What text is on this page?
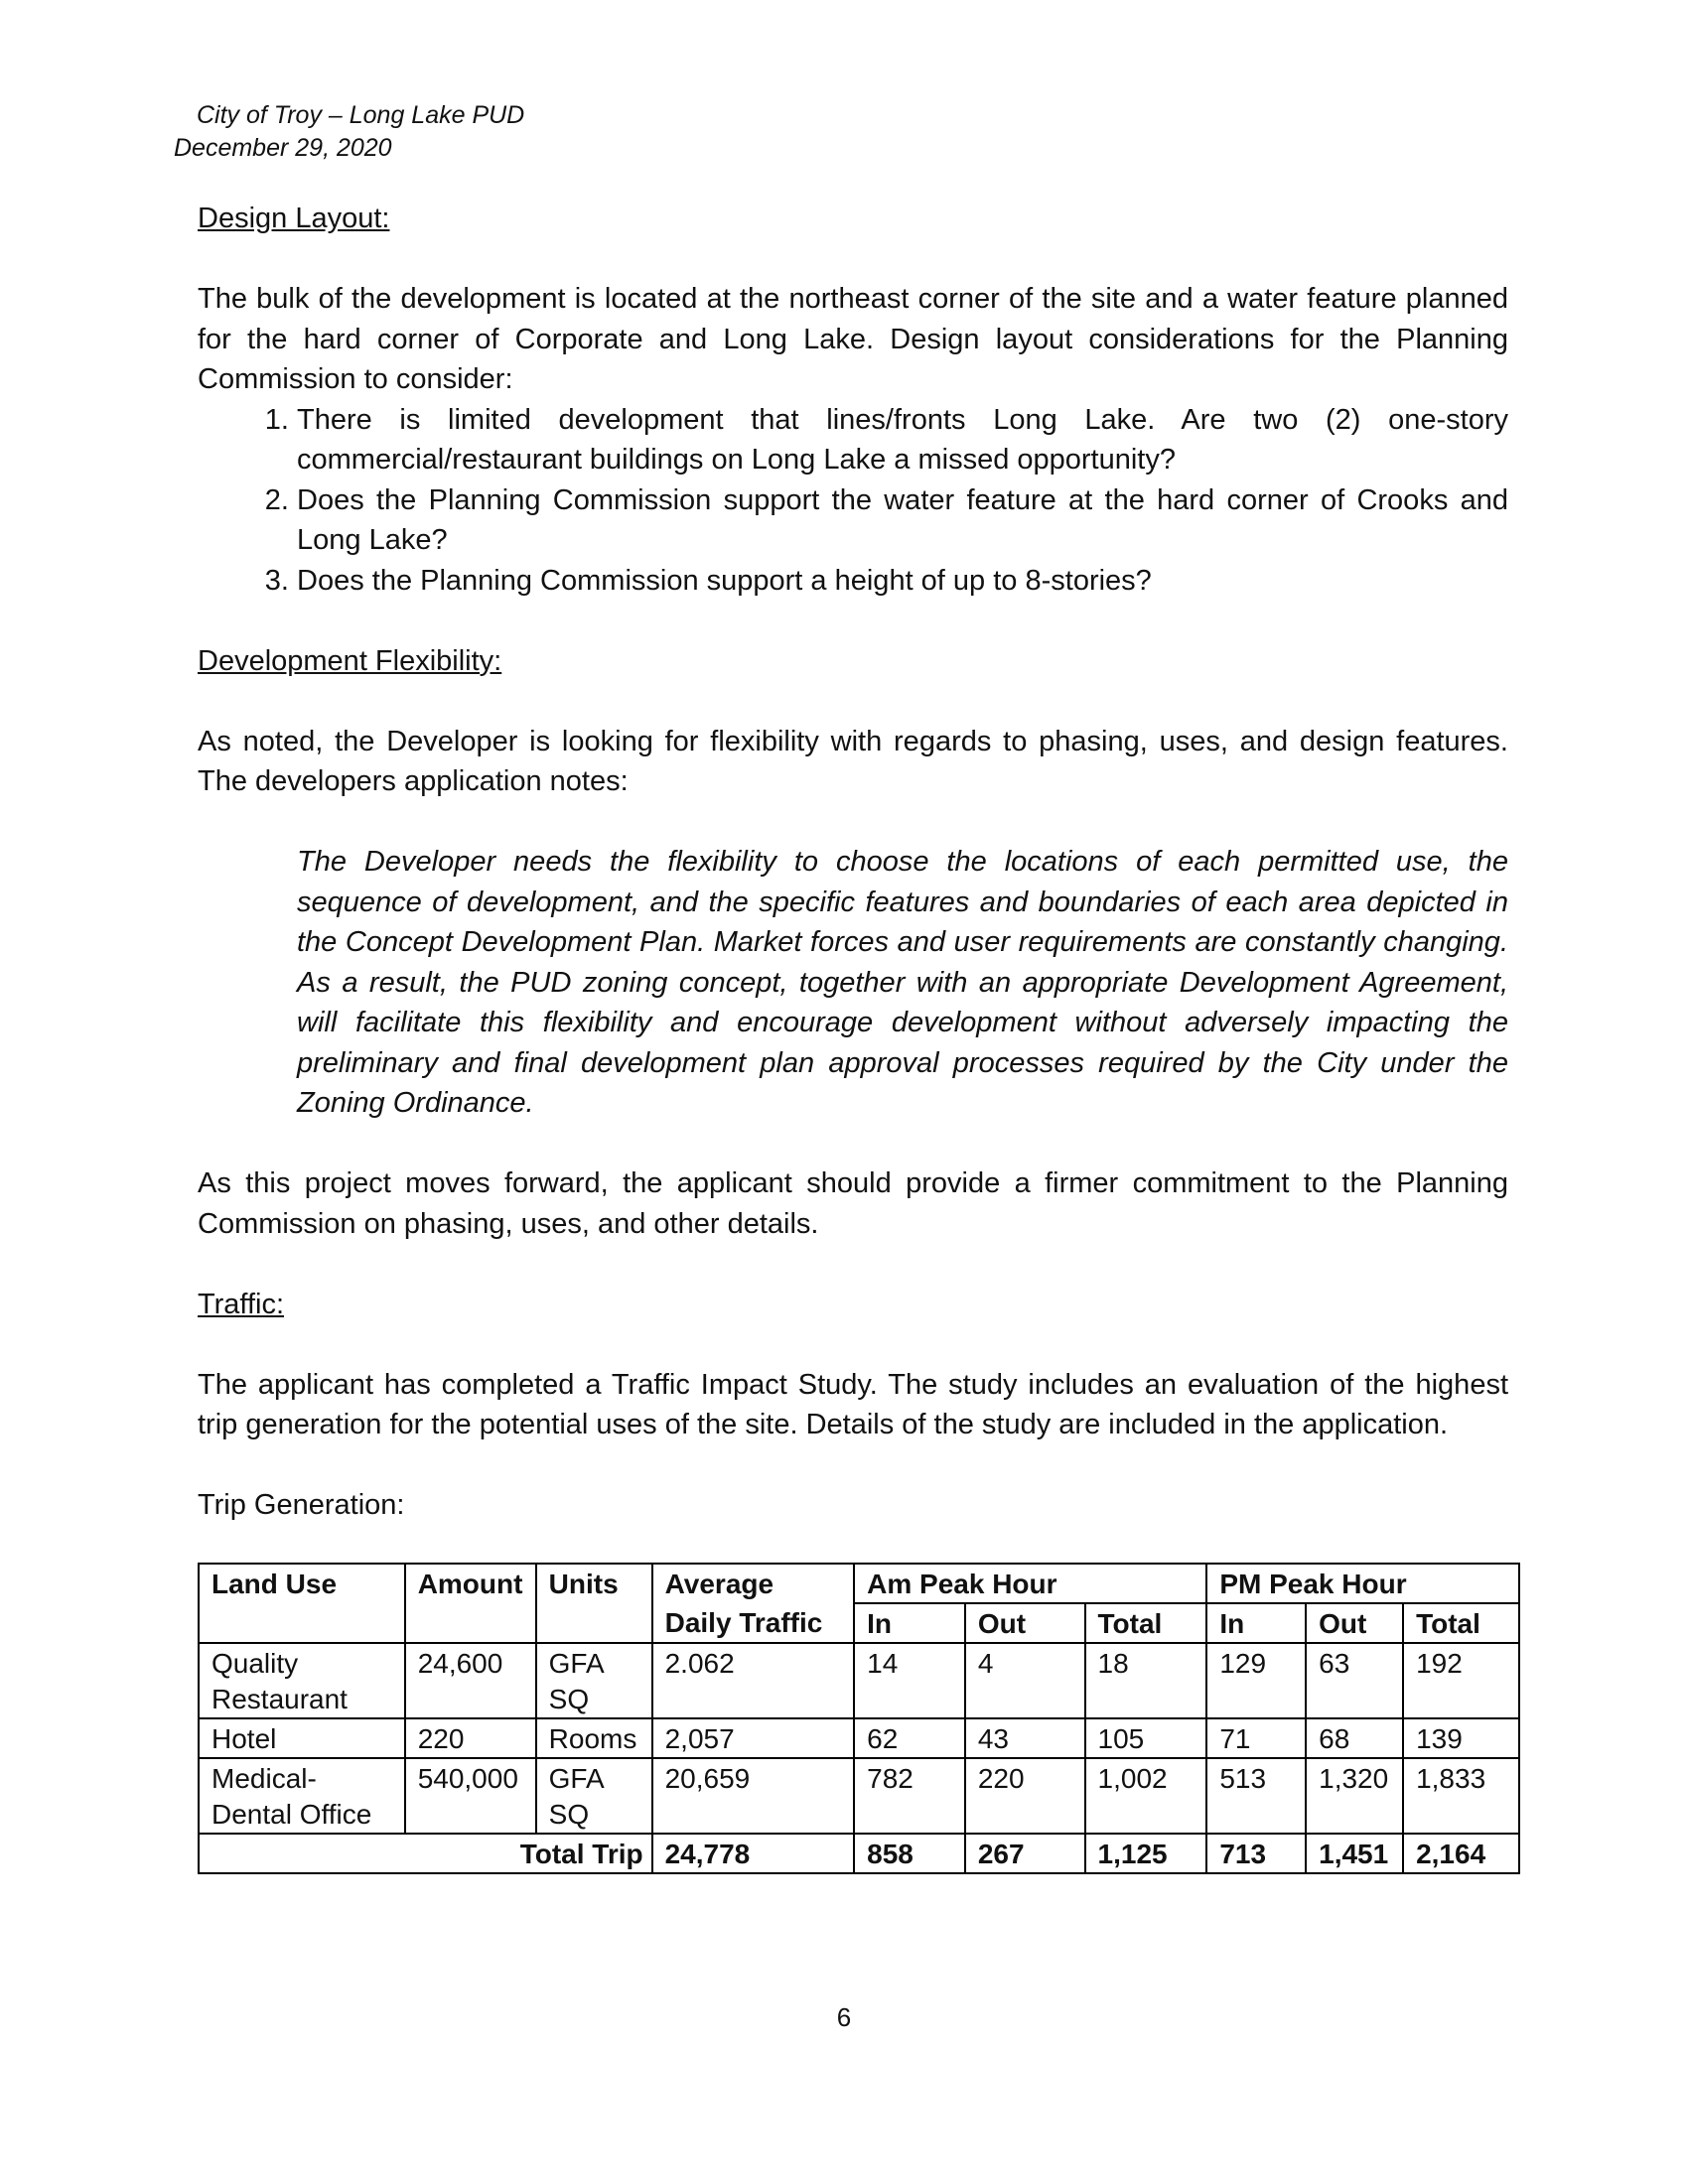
City of Troy – Long Lake PUD
December 29, 2020

Design Layout:

The bulk of the development is located at the northeast corner of the site and a water feature planned for the hard corner of Corporate and Long Lake. Design layout considerations for the Planning Commission to consider:

1. There is limited development that lines/fronts Long Lake. Are two (2) one-story commercial/restaurant buildings on Long Lake a missed opportunity?
2. Does the Planning Commission support the water feature at the hard corner of Crooks and Long Lake?
3. Does the Planning Commission support a height of up to 8-stories?

Development Flexibility:

As noted, the Developer is looking for flexibility with regards to phasing, uses, and design features. The developers application notes:

The Developer needs the flexibility to choose the locations of each permitted use, the sequence of development, and the specific features and boundaries of each area depicted in the Concept Development Plan. Market forces and user requirements are constantly changing. As a result, the PUD zoning concept, together with an appropriate Development Agreement, will facilitate this flexibility and encourage development without adversely impacting the preliminary and final development plan approval processes required by the City under the Zoning Ordinance.

As this project moves forward, the applicant should provide a firmer commitment to the Planning Commission on phasing, uses, and other details.

Traffic:

The applicant has completed a Traffic Impact Study. The study includes an evaluation of the highest trip generation for the potential uses of the site. Details of the study are included in the application.

Trip Generation:

Land Use	Amount	Units	Average	Am Peak Hour			PM Peak Hour		
			Daily Traffic	In	Out	Total	In	Out	Total
Quality
Restaurant	24,600	GFA SQ	2.062	14	4	18	129	63	192
Hotel	220	Rooms	2,057	62	43	105	71	68	139
Medical-
Dental Office	540,000	GFA SQ	20,659	782	220	1,002	513	1,320	1,833
Total Trip			24,778	858	267	1,125	713	1,451	2,164
6
